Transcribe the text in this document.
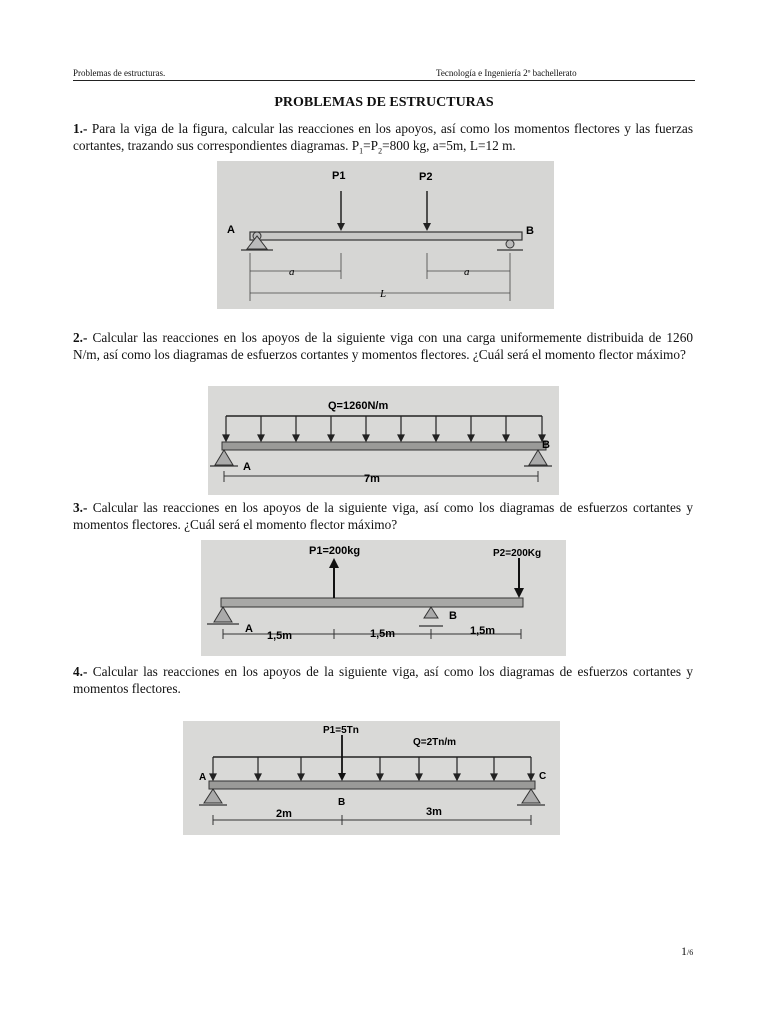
Problemas de estructuras.	Tecnología e Ingeniería 2º bachellerato
PROBLEMAS DE ESTRUCTURAS
1.- Para la viga de la figura, calcular las reacciones en los apoyos, así como los momentos flectores y las fuerzas cortantes, trazando sus correspondientes diagramas. $P_1=P_2=800$ kg, a=5m, L=12 m.
P1	P2
A	B
a	a
L
2.- Calcular las reacciones en los apoyos de la siguiente viga con una carga uniformemente distribuida de 1260 N/m, así como los diagramas de esfuerzos cortantes y momentos flectores. ¿Cuál será el momento flector máximo?
Q=1260N/m
A
B
7m
3.- Calcular las reacciones en los apoyos de la siguiente viga, así como los diagramas de esfuerzos cortantes y momentos flectores. ¿Cuál será el momento flector máximo?
P1=200kg	P2=200Kg
A
B
1,5m	1,5m	1,5m
4.- Calcular las reacciones en los apoyos de la siguiente viga, así como los diagramas de esfuerzos cortantes y momentos flectores.
P1=5Tn
Q=2Tn/m
A
B
C
2m	3m
1/6
